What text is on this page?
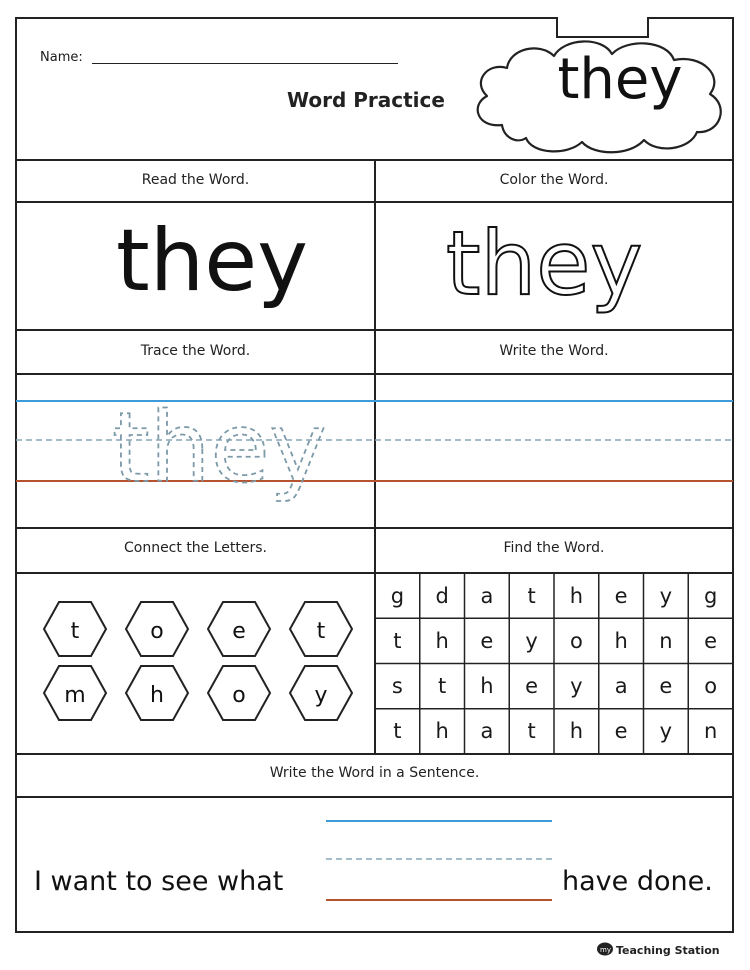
Name:
Word Practice	they
Read the Word.	Color the Word.
Trace the Word.	Write the Word.
Connect the Letters.	Find the Word.
Write the Word in a Sentence.
they they
they
t	o	e	t
m	h	o	y
g	d	a	t	h	e	y	g
t	h	e	y	o	h	n	e
s	t	h	e	y	a	e	o
t	h	a	t	h	e	y	n
I want to see what	have done.
my Teaching Station
